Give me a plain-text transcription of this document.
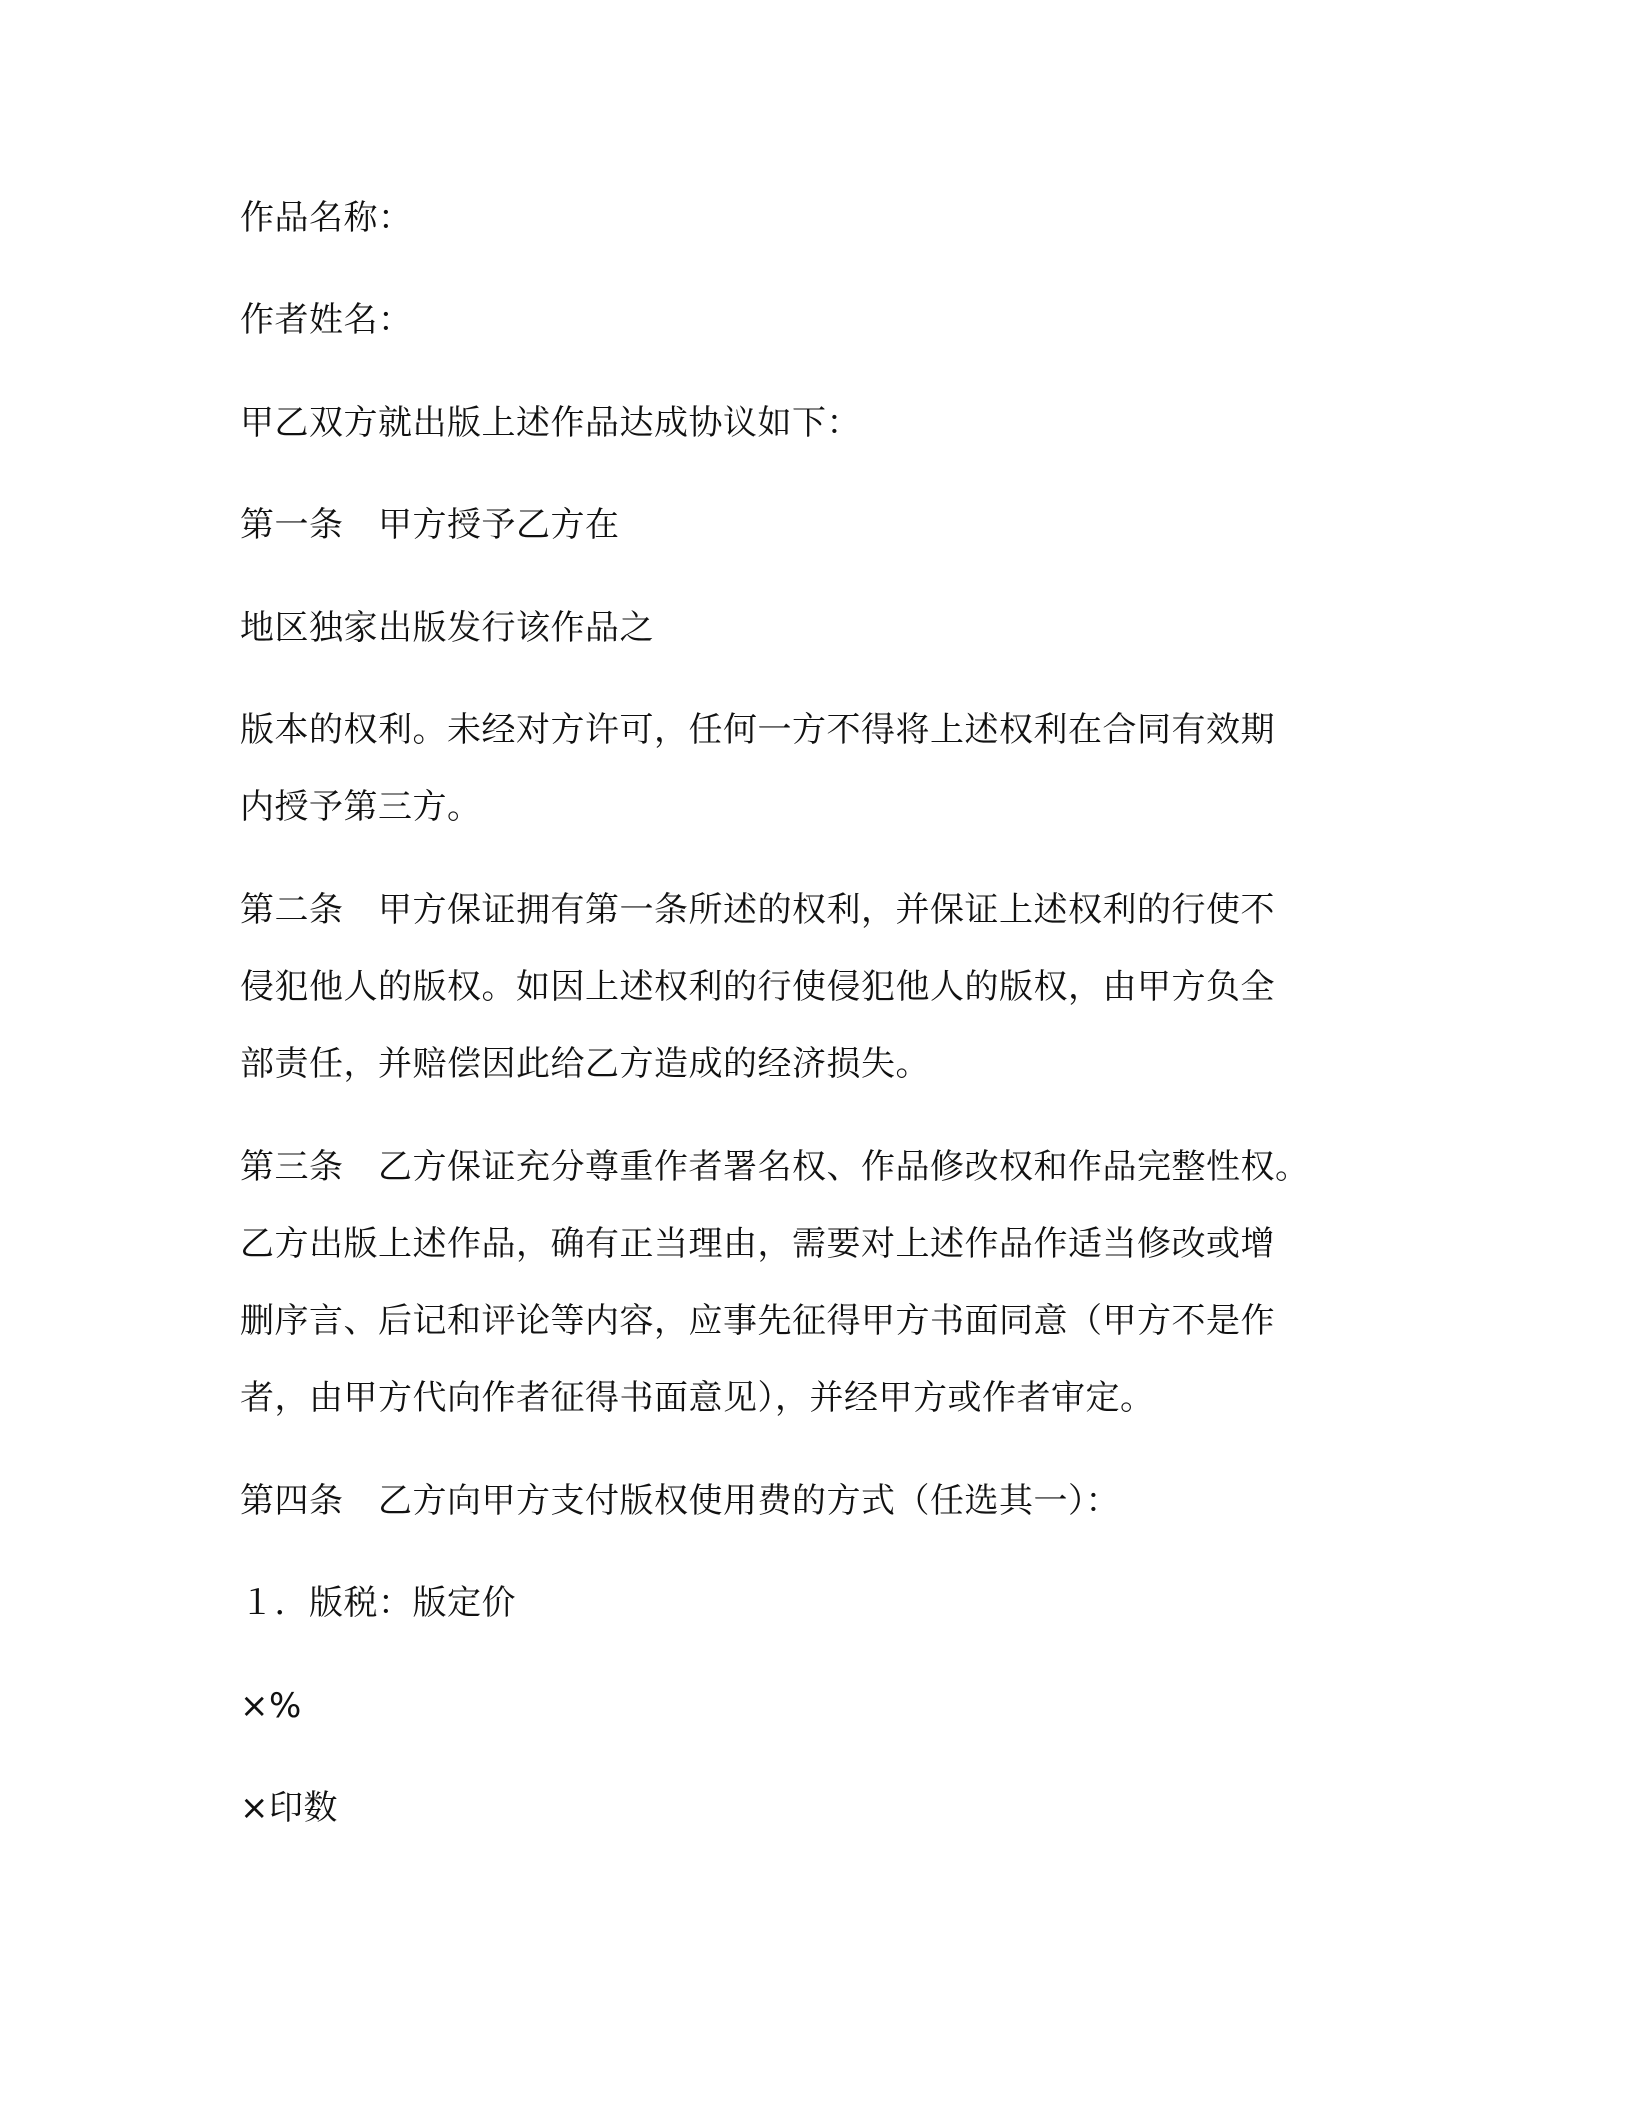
作品名称：

作者姓名：

甲乙双方就出版上述作品达成协议如下：

第一条　甲方授予乙方在

地区独家出版发行该作品之

版本的权利。未经对方许可，任何一方不得将上述权利在合同有效期

内授予第三方。

第二条　甲方保证拥有第一条所述的权利，并保证上述权利的行使不

侵犯他人的版权。如因上述权利的行使侵犯他人的版权，由甲方负全

部责任，并赔偿因此给乙方造成的经济损失。

第三条　乙方保证充分尊重作者署名权、作品修改权和作品完整性权。

乙方出版上述作品，确有正当理由，需要对上述作品作适当修改或增

删序言、后记和评论等内容，应事先征得甲方书面同意（甲方不是作

者，由甲方代向作者征得书面意见），并经甲方或作者审定。

第四条　乙方向甲方支付版权使用费的方式（任选其一）：

１．版税：版定价

×%

×印数
